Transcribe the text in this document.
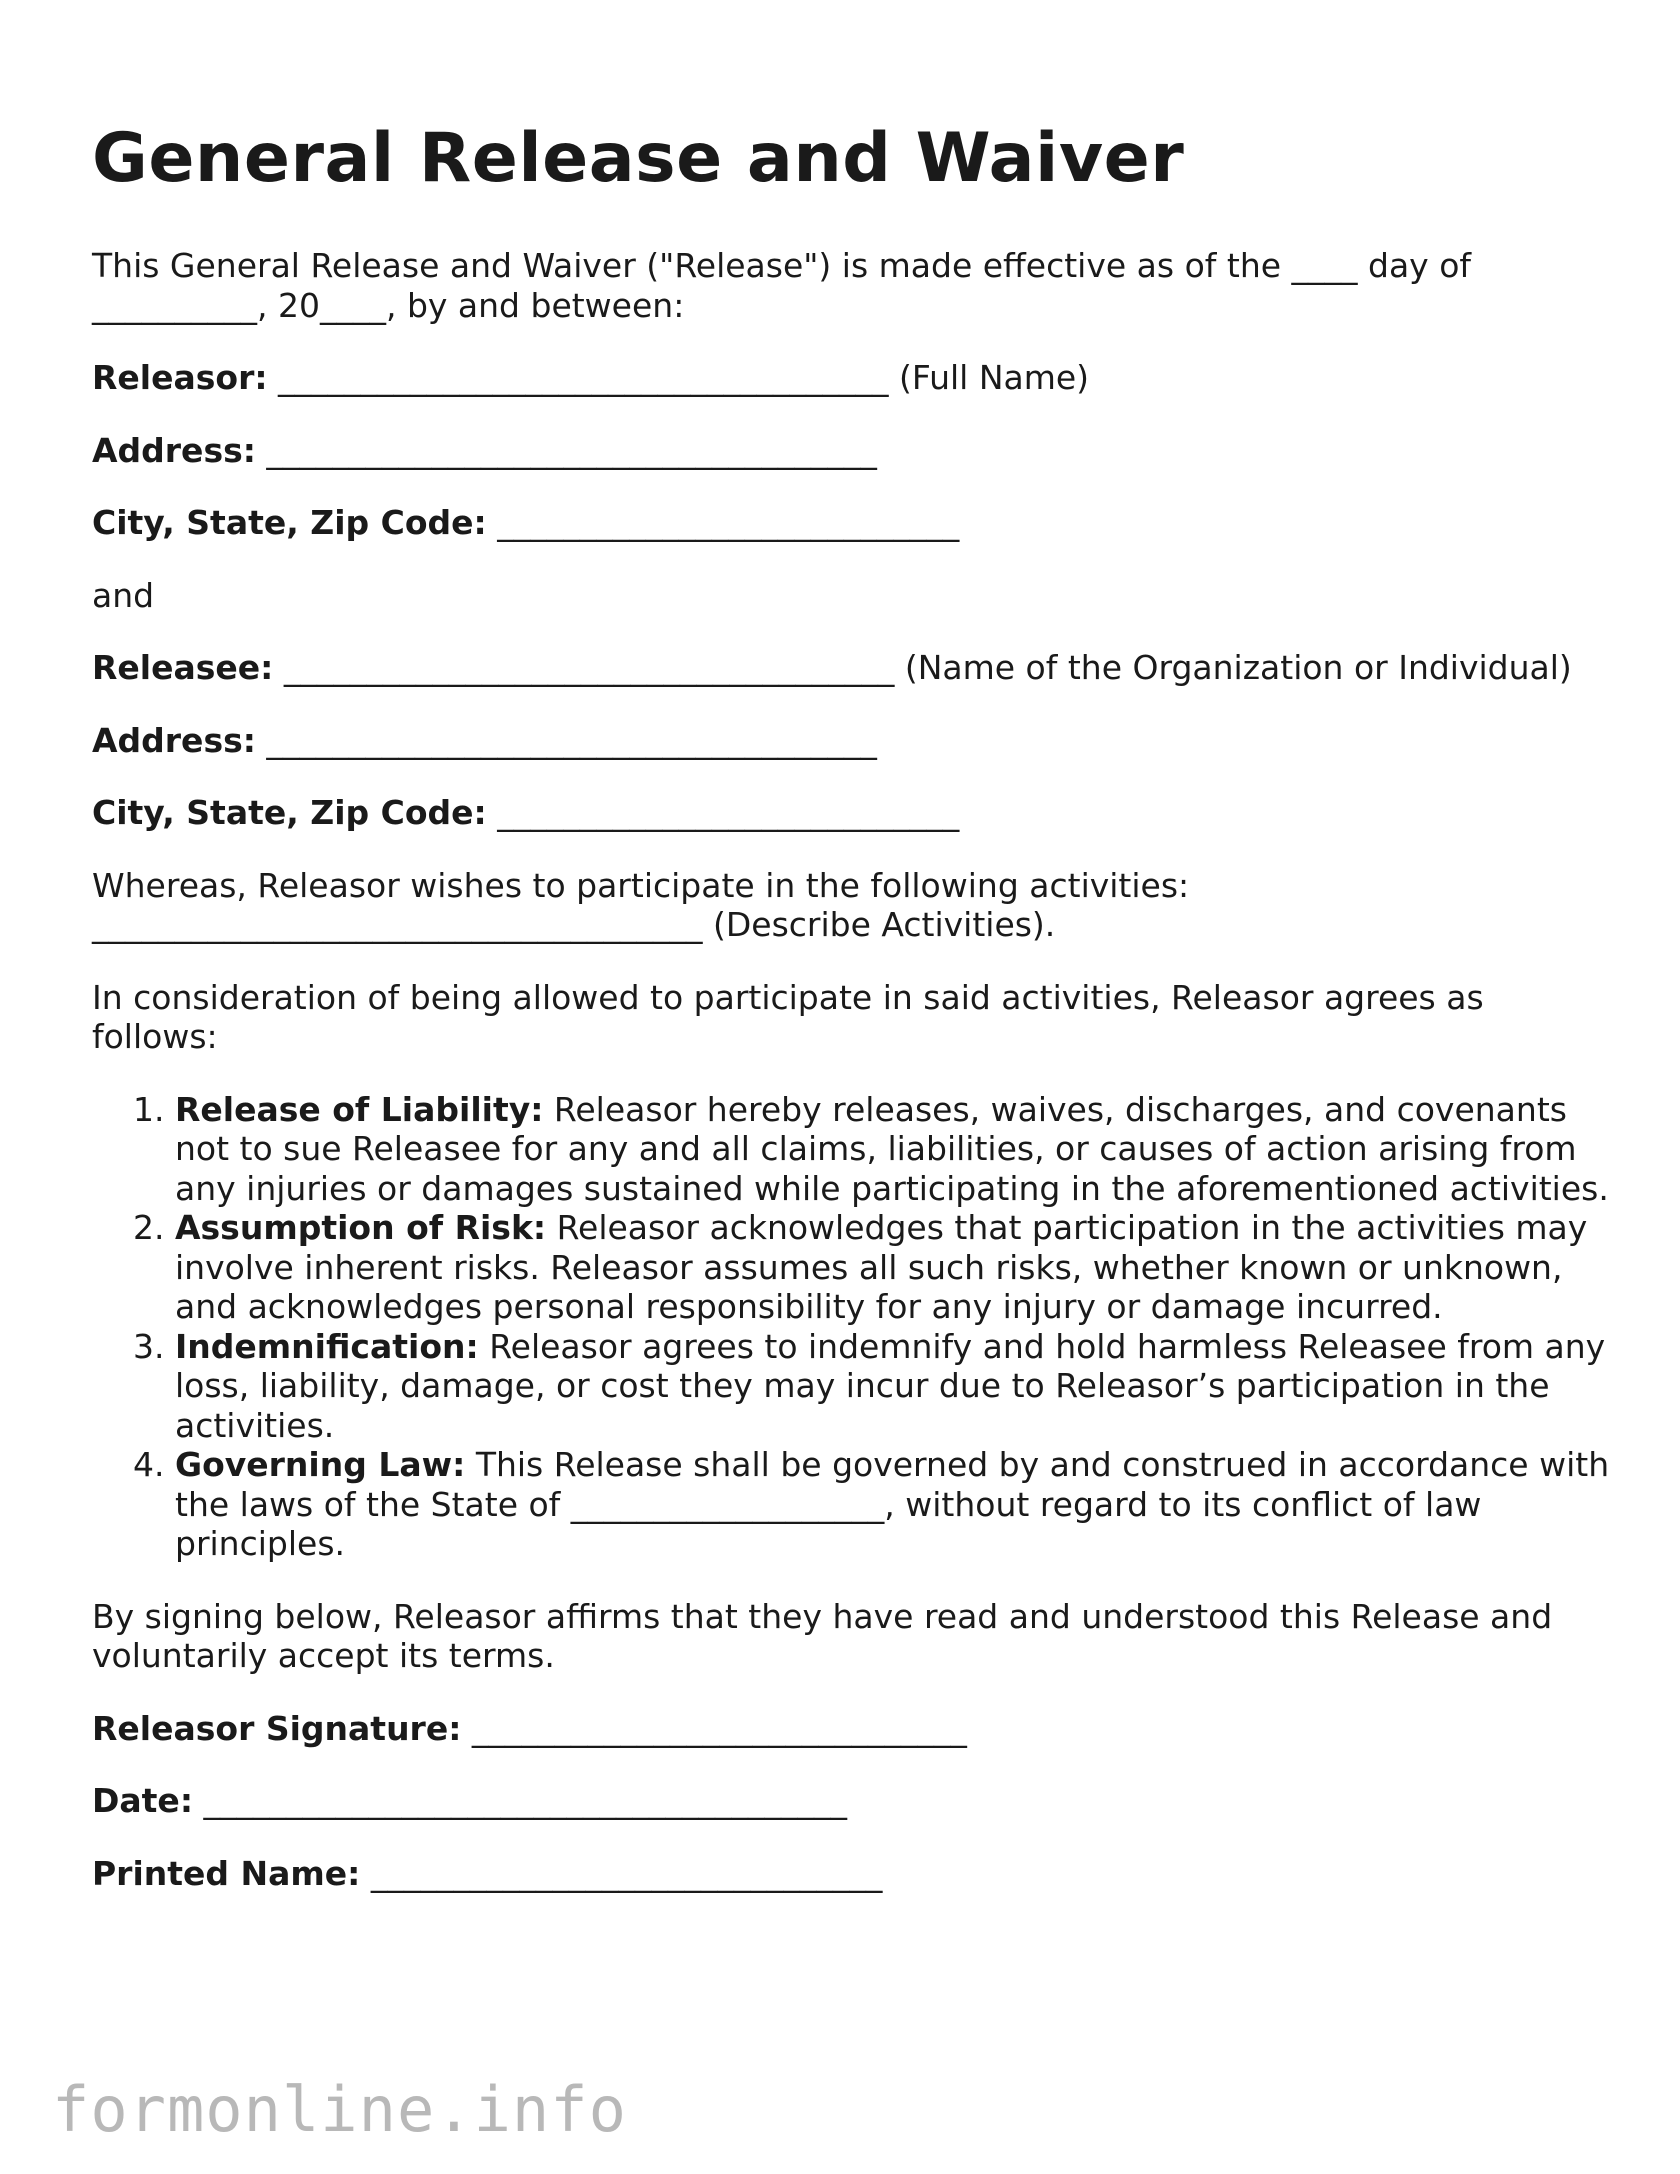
General Release and Waiver

This General Release and Waiver ("Release") is made effective as of the ____ day of __________, 20____, by and between:

Releasor: _____________________________________ (Full Name)
Address: _____________________________________
City, State, Zip Code: ____________________________

and

Releasee: _____________________________________ (Name of the Organization or Individual)
Address: _____________________________________
City, State, Zip Code: ____________________________

Whereas, Releasor wishes to participate in the following activities: _____________________________________ (Describe Activities).

In consideration of being allowed to participate in said activities, Releasor agrees as follows:

1. Release of Liability: Releasor hereby releases, waives, discharges, and covenants not to sue Releasee for any and all claims, liabilities, or causes of action arising from any injuries or damages sustained while participating in the aforementioned activities.
2. Assumption of Risk: Releasor acknowledges that participation in the activities may involve inherent risks. Releasor assumes all such risks, whether known or unknown, and acknowledges personal responsibility for any injury or damage incurred.
3. Indemnification: Releasor agrees to indemnify and hold harmless Releasee from any loss, liability, damage, or cost they may incur due to Releasor’s participation in the activities.
4. Governing Law: This Release shall be governed by and construed in accordance with the laws of the State of ___________________, without regard to its conflict of law principles.

By signing below, Releasor affirms that they have read and understood this Release and voluntarily accept its terms.

Releasor Signature: ______________________________
Date: _______________________________________
Printed Name: _______________________________
formonline.info
